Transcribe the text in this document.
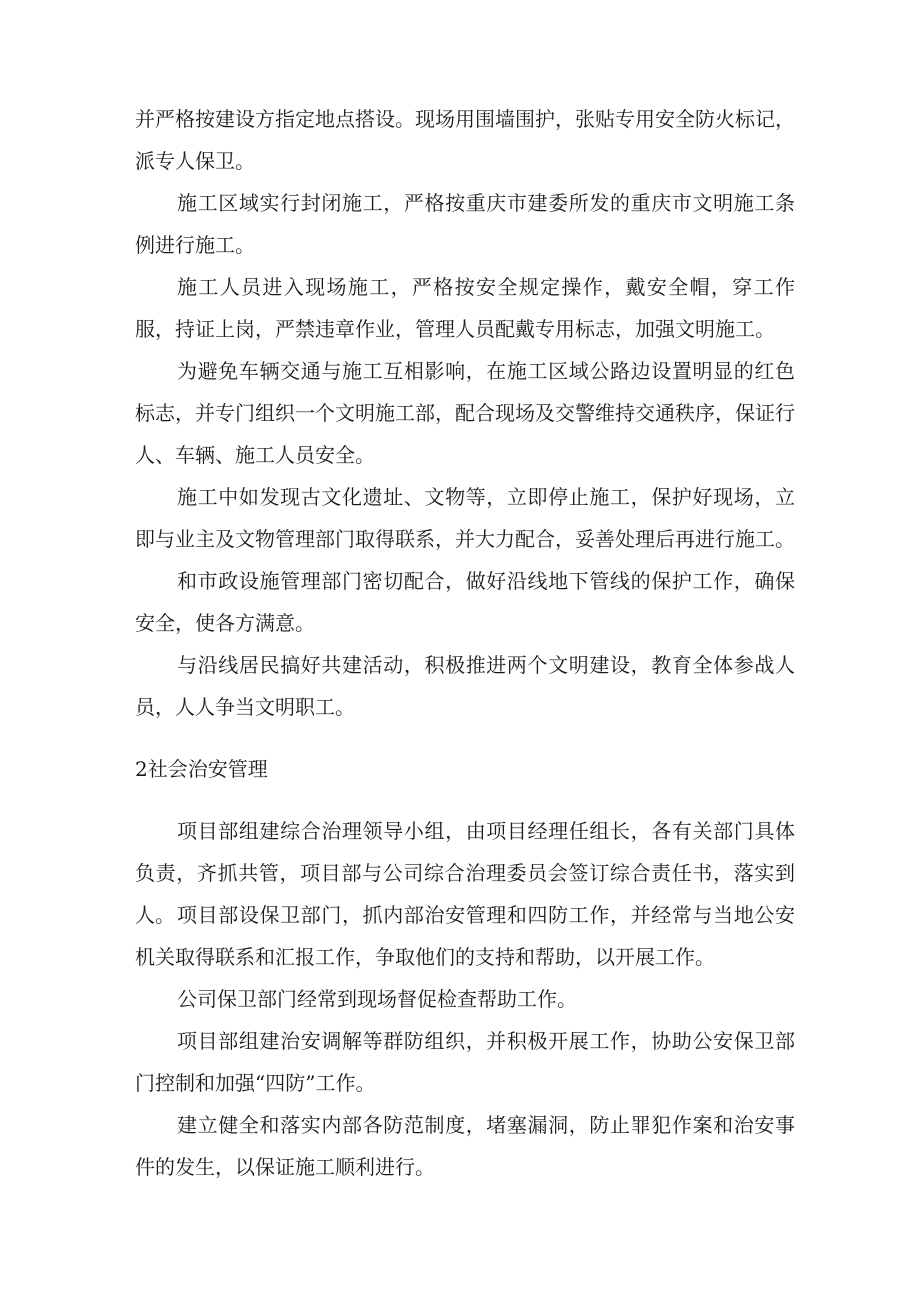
并严格按建设方指定地点搭设。现场用围墙围护，张贴专用安全防火标记，派专人保卫。

施工区域实行封闭施工，严格按重庆市建委所发的重庆市文明施工条例进行施工。

施工人员进入现场施工，严格按安全规定操作，戴安全帽，穿工作服，持证上岗，严禁违章作业，管理人员配戴专用标志，加强文明施工。

为避免车辆交通与施工互相影响，在施工区域公路边设置明显的红色标志，并专门组织一个文明施工部，配合现场及交警维持交通秩序，保证行人、车辆、施工人员安全。

施工中如发现古文化遗址、文物等，立即停止施工，保护好现场，立即与业主及文物管理部门取得联系，并大力配合，妥善处理后再进行施工。

和市政设施管理部门密切配合，做好沿线地下管线的保护工作，确保安全，使各方满意。

与沿线居民搞好共建活动，积极推进两个文明建设，教育全体参战人员，人人争当文明职工。

2社会治安管理

项目部组建综合治理领导小组，由项目经理任组长，各有关部门具体负责，齐抓共管，项目部与公司综合治理委员会签订综合责任书，落实到人。 项目部设保卫部门，抓内部治安管理和四防工作，并经常与当地公安机关取得联系和汇报工作，争取他们的支持和帮助，以开展工作。

公司保卫部门经常到现场督促检查帮助工作。

项目部组建治安调解等群防组织，并积极开展工作，协助公安保卫部门控制和加强“四防”工作。

建立健全和落实内部各防范制度，堵塞漏洞，防止罪犯作案和治安事件的发生，以保证施工顺利进行。
